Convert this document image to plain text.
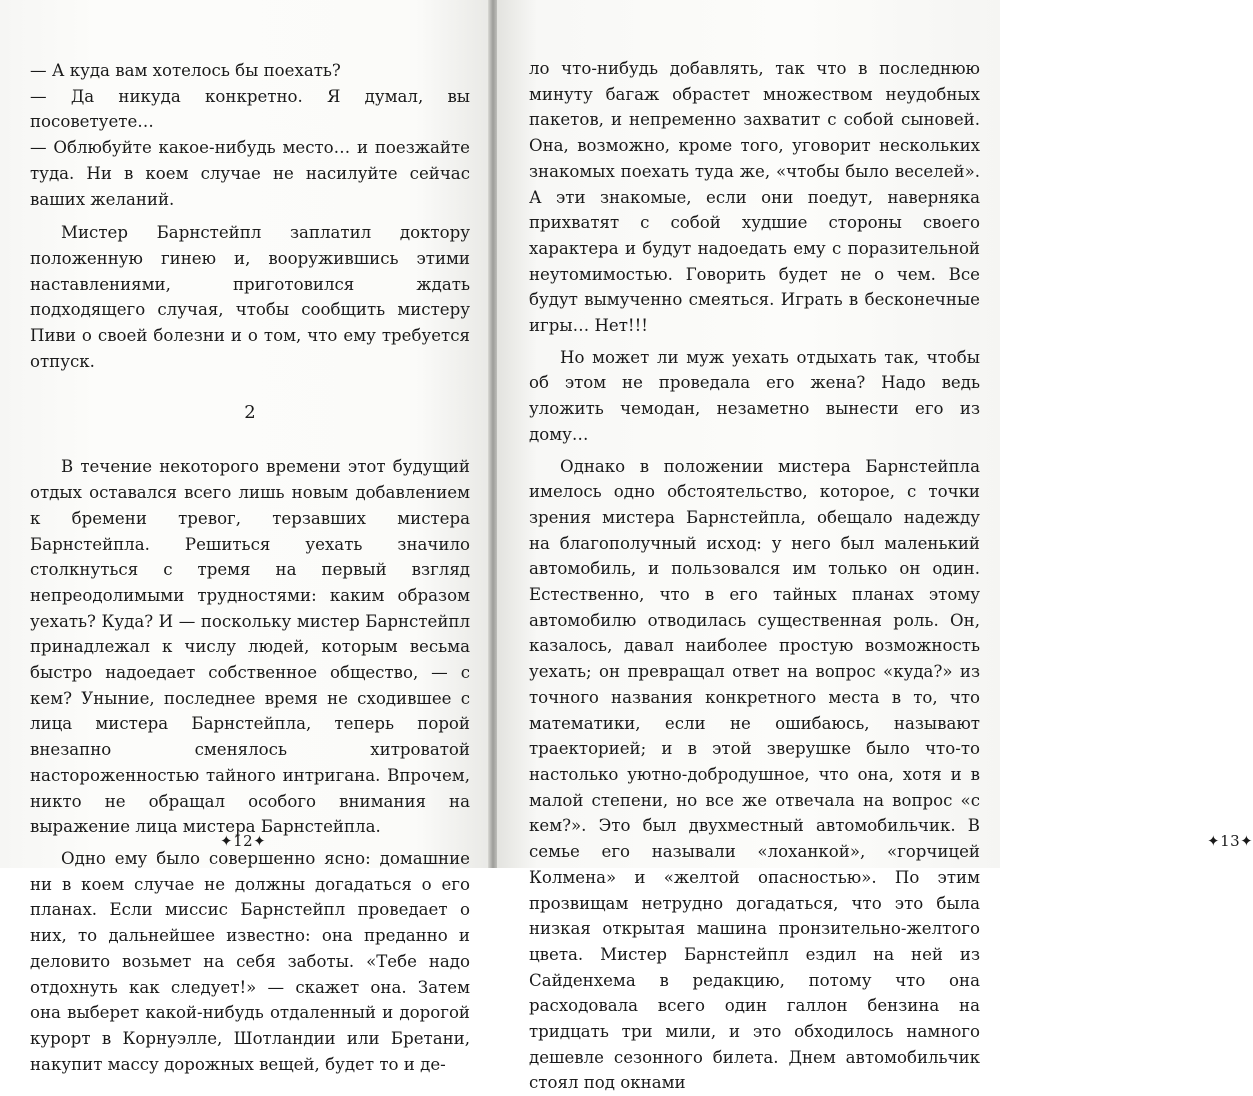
— А куда вам хотелось бы поехать?

— Да никуда конкретно. Я думал, вы посоветуете…

— Облюбуйте какое-нибудь место… и поезжайте туда. Ни в коем случае не насилуйте сейчас ваших желаний.

Мистер Барнстейпл заплатил доктору положенную гинею и, вооружившись этими наставлениями, приготовился ждать подходящего случая, чтобы сообщить мистеру Пиви о своей болезни и о том, что ему требуется отпуск.

2

В течение некоторого времени этот будущий отдых оставался всего лишь новым добавлением к бремени тревог, терзавших мистера Барнстейпла. Решиться уехать значило столкнуться с тремя на первый взгляд непреодолимыми трудностями: каким образом уехать? Куда? И — поскольку мистер Барнстейпл принадлежал к числу людей, которым весьма быстро надоедает собственное общество, — с кем? Уныние, последнее время не сходившее с лица мистера Барнстейпла, теперь порой внезапно сменялось хитроватой настороженностью тайного интригана. Впрочем, никто не обращал особого внимания на выражение лица мистера Барнстейпла.

Одно ему было совершенно ясно: домашние ни в коем случае не должны догадаться о его планах. Если миссис Барнстейпл проведает о них, то дальнейшее известно: она преданно и деловито возьмет на себя заботы. «Тебе надо отдохнуть как следует!» — скажет она. Затем она выберет какой-нибудь отдаленный и дорогой курорт в Корнуэлле, Шотландии или Бретани, накупит массу дорожных вещей, будет то и де-

✦12✦

ло что-нибудь добавлять, так что в последнюю минуту багаж обрастет множеством неудобных пакетов, и непременно захватит с собой сыновей. Она, возможно, кроме того, уговорит нескольких знакомых поехать туда же, «чтобы было веселей». А эти знакомые, если они поедут, наверняка прихватят с собой худшие стороны своего характера и будут надоедать ему с поразительной неутомимостью. Говорить будет не о чем. Все будут вымученно смеяться. Играть в бесконечные игры… Нет!!!

Но может ли муж уехать отдыхать так, чтобы об этом не проведала его жена? Надо ведь уложить чемодан, незаметно вынести его из дому…

Однако в положении мистера Барнстейпла имелось одно обстоятельство, которое, с точки зрения мистера Барнстейпла, обещало надежду на благополучный исход: у него был маленький автомобиль, и пользовался им только он один. Естественно, что в его тайных планах этому автомобилю отводилась существенная роль. Он, казалось, давал наиболее простую возможность уехать; он превращал ответ на вопрос «куда?» из точного названия конкретного места в то, что математики, если не ошибаюсь, называют траекторией; и в этой зверушке было что-то настолько уютно-добродушное, что она, хотя и в малой степени, но все же отвечала на вопрос «с кем?». Это был двухместный автомобильчик. В семье его называли «лоханкой», «горчицей Колмена» и «желтой опасностью». По этим прозвищам нетрудно догадаться, что это была низкая открытая машина пронзительно-желтого цвета. Мистер Барнстейпл ездил на ней из Сайденхема в редакцию, потому что она расходовала всего один галлон бензина на тридцать три мили, и это обходилось намного дешевле сезонного билета. Днем автомобильчик стоял под окнами

✦13✦
